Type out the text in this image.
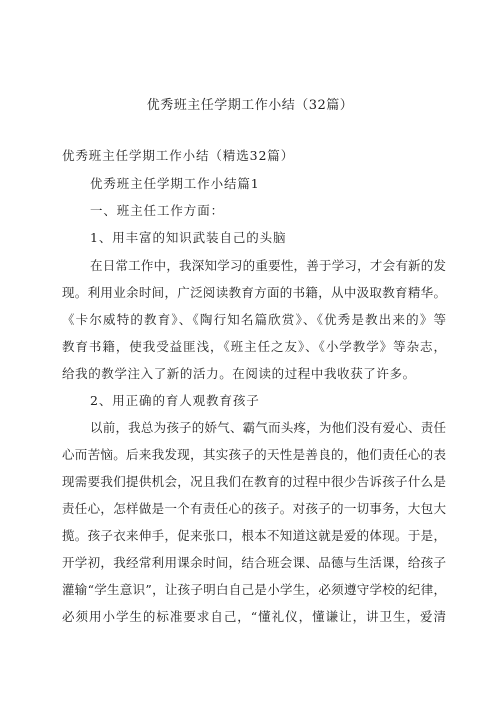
优秀班主任学期工作小结（32篇）
优秀班主任学期工作小结（精选32篇）
优秀班主任学期工作小结篇1
一、班主任工作方面：
1、用丰富的知识武装自己的头脑
在日常工作中，我深知学习的重要性，善于学习，才会有新的发
现。利用业余时间，广泛阅读教育方面的书籍，从中汲取教育精华。
《卡尔威特的教育》、《陶行知名篇欣赏》、《优秀是教出来的》等
教育书籍，使我受益匪浅，《班主任之友》、《小学教学》等杂志，
给我的教学注入了新的活力。在阅读的过程中我收获了许多。
2、用正确的育人观教育孩子
以前，我总为孩子的娇气、霸气而头疼，为他们没有爱心、责任
心而苦恼。后来我发现，其实孩子的天性是善良的，他们责任心的表
现需要我们提供机会，况且我们在教育的过程中很少告诉孩子什么是
责任心，怎样做是一个有责任心的孩子。对孩子的一切事务，大包大
揽。孩子衣来伸手，促来张口，根本不知道这就是爱的体现。于是，
开学初，我经常利用课余时间，结合班会课、品德与生活课，给孩子
灌输“学生意识”，让孩子明白自己是小学生，必须遵守学校的纪律，
必须用小学生的标准要求自己，“懂礼仪，懂谦让，讲卫生，爱清
